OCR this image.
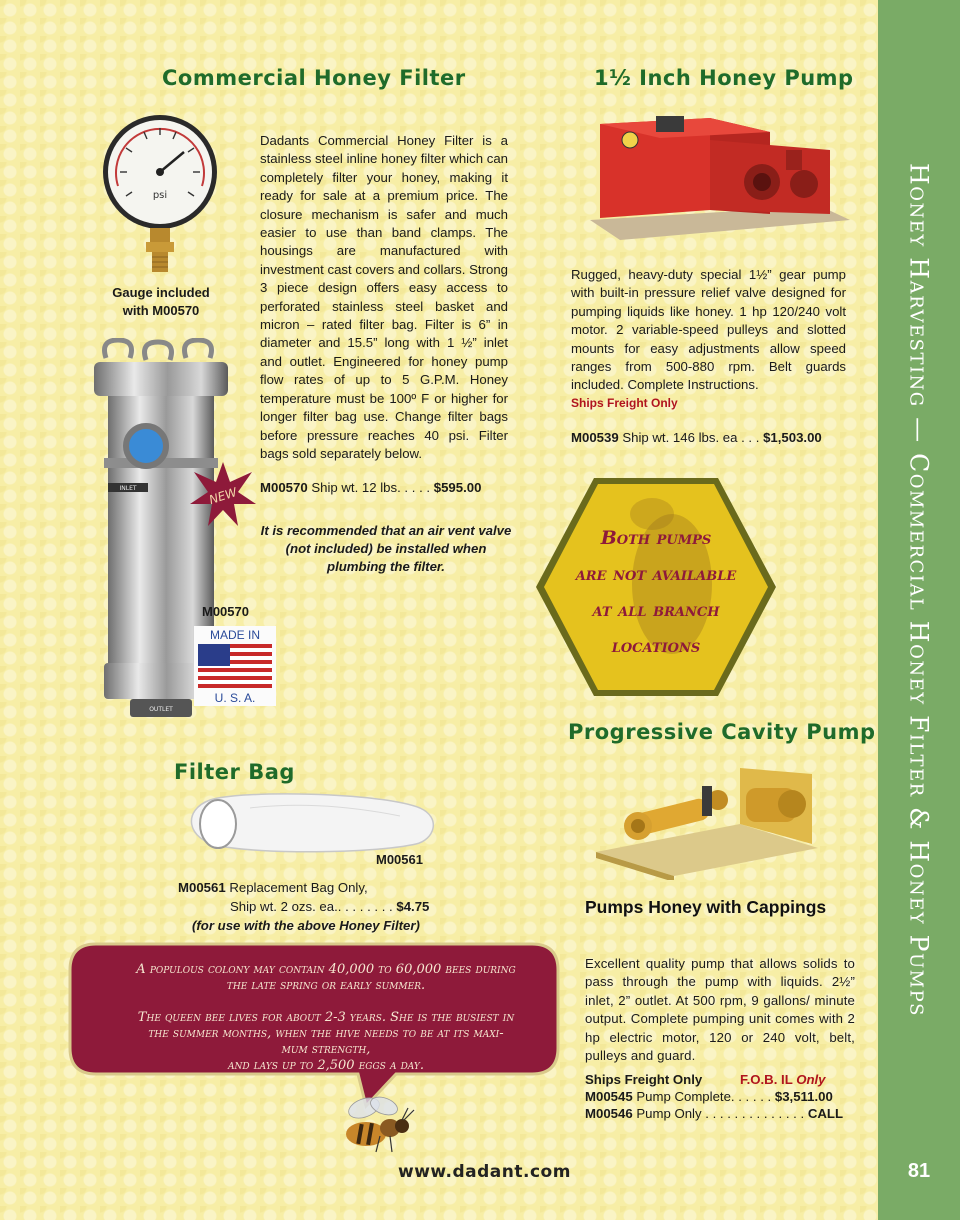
Honey Harvesting — Commercial Honey Filter & Honey Pumps
81
Commercial Honey Filter
psi
Gauge included
with M00570
INLET
OUTLET
NEW
M00570
MADE IN
U. S. A.
Dadants Commercial Honey Filter is a stainless steel inline honey filter which can completely filter your honey, making it ready for sale at a premium price. The closure mechanism is safer and much easier to use than band clamps. The housings are manufactured with investment cast covers and collars. Strong 3 piece design offers easy access to perforated stainless steel basket and micron – rated filter bag. Filter is 6” in diameter and 15.5” long with 1 ½” inlet and outlet. Engineered for honey pump flow rates of up to 5 G.P.M. Honey temperature must be 100º F or higher for longer filter bag use. Change filter bags before pressure reaches 40 psi. Filter bags sold separately below.
M00570 Ship wt. 12 lbs. . . . . $595.00
It is recommended that an air vent valve (not included) be installed when plumbing the filter.
Filter Bag
M00561
M00561 Replacement Bag Only,
Ship wt. 2 ozs. ea.. . . . . . . . $4.75
(for use with the above Honey Filter)
1½ Inch Honey Pump
Rugged, heavy-duty special 1½” gear pump with built-in pressure relief valve designed for pumping liquids like honey. 1 hp 120/240 volt motor. 2 variable-speed pulleys and slotted mounts for easy adjustments allow speed ranges from 500-880 rpm. Belt guards included. Complete Instructions.
Ships Freight Only
M00539 Ship wt. 146 lbs. ea . . . $1,503.00
Both pumps
are not available
at all branch
locations
Progressive Cavity Pump
Pumps Honey with Cappings
Excellent quality pump that allows solids to pass through the pump with liquids. 2½” inlet, 2” outlet. At 500 rpm, 9 gallons/ minute output. Complete pumping unit comes with 2 hp electric motor, 120 or 240 volt, belt, pulleys and guard.
Ships Freight Only	F.O.B. IL Only
M00545 Pump Complete. . . . . . $3,511.00
M00546 Pump Only . . . . . . . . . . . . . . CALL
A populous colony may contain 40,000 to 60,000 bees during
the late spring or early summer.
The queen bee lives for about 2-3 years. She is the busiest in
the summer months, when the hive needs to be at its maxi-
mum strength,
and lays up to 2,500 eggs a day.
www.dadant.com
